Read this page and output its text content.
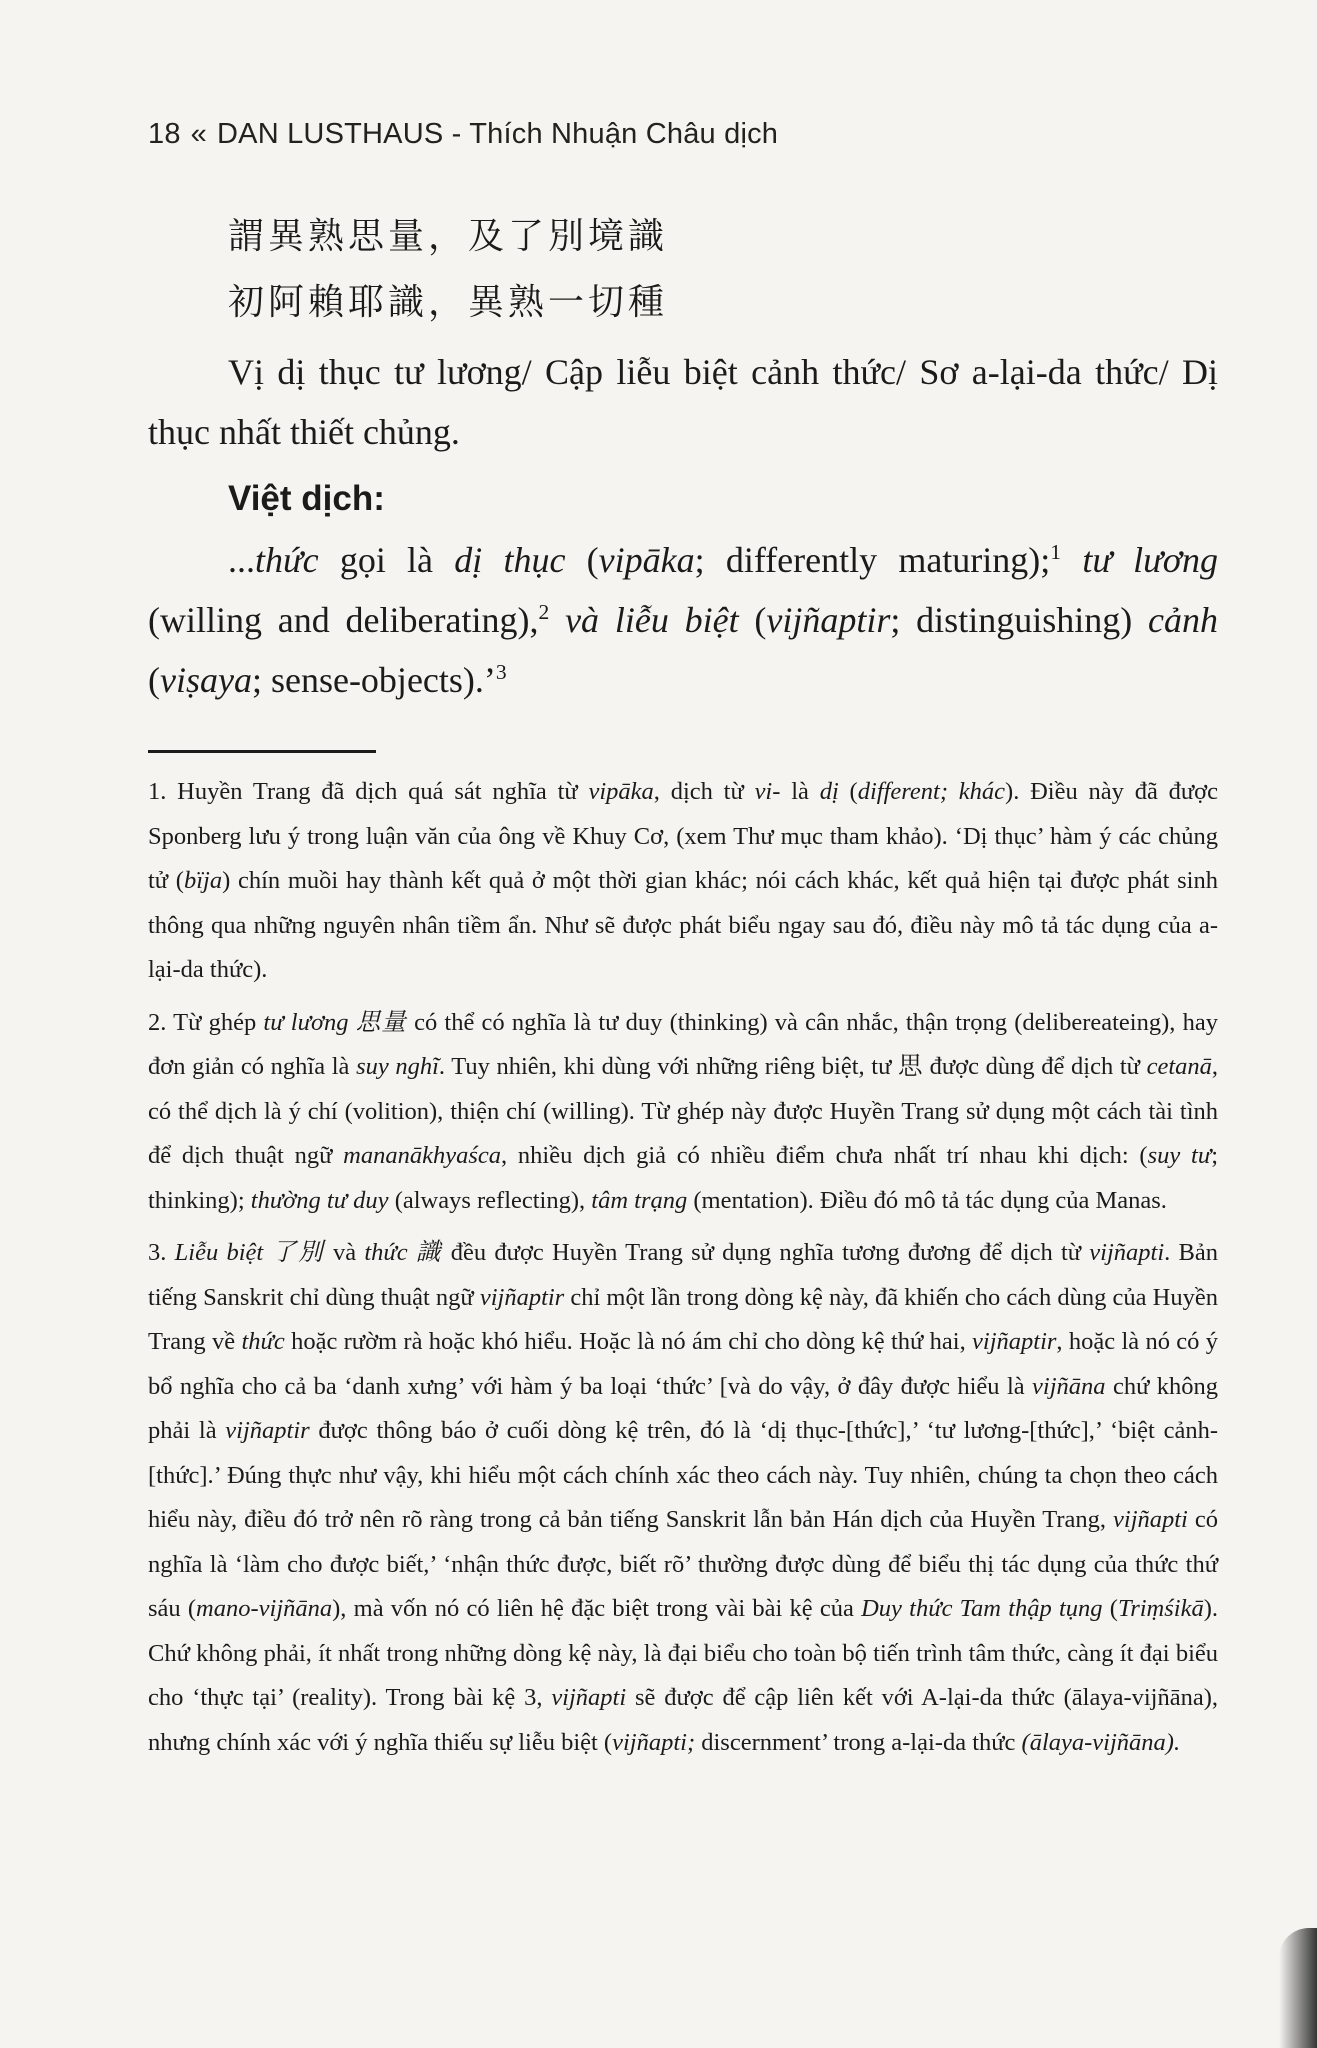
18 « DAN LUSTHAUS - Thích Nhuận Châu dịch

謂異熟思量，及了別境識

初阿賴耶識，異熟一切種

Vị dị thục tư lương/ Cập liễu biệt cảnh thức/ Sơ a-lại-da thức/ Dị thục nhất thiết chủng.

Việt dịch:

...thức gọi là dị thục (vipāka; differently maturing);$^1$ tư lương (willing and deliberating),$^2$ và liễu biệt (vijñaptir; distinguishing) cảnh (viṣaya; sense-objects).’$^3$

1. Huyền Trang đã dịch quá sát nghĩa từ vipāka, dịch từ vi- là dị (different; khác). Điều này đã được Sponberg lưu ý trong luận văn của ông về Khuy Cơ, (xem Thư mục tham khảo). ‘Dị thục’ hàm ý các chủng tử (bïja) chín muồi hay thành kết quả ở một thời gian khác; nói cách khác, kết quả hiện tại được phát sinh thông qua những nguyên nhân tiềm ẩn. Như sẽ được phát biểu ngay sau đó, điều này mô tả tác dụng của a-lại-da thức).

2. Từ ghép tư lương 思量 có thể có nghĩa là tư duy (thinking) và cân nhắc, thận trọng (delibereateing), hay đơn giản có nghĩa là suy nghĩ. Tuy nhiên, khi dùng với những riêng biệt, tư 思 được dùng để dịch từ cetanā, có thể dịch là ý chí (volition), thiện chí (willing). Từ ghép này được Huyền Trang sử dụng một cách tài tình để dịch thuật ngữ mananākhyaśca, nhiều dịch giả có nhiều điểm chưa nhất trí nhau khi dịch: (suy tư; thinking); thường tư duy (always reflecting), tâm trạng (mentation). Điều đó mô tả tác dụng của Manas.

3. Liễu biệt 了別 và thức 識 đều được Huyền Trang sử dụng nghĩa tương đương để dịch từ vijñapti. Bản tiếng Sanskrit chỉ dùng thuật ngữ vijñaptir chỉ một lần trong dòng kệ này, đã khiến cho cách dùng của Huyền Trang về thức hoặc rườm rà hoặc khó hiểu. Hoặc là nó ám chỉ cho dòng kệ thứ hai, vijñaptir, hoặc là nó có ý bổ nghĩa cho cả ba ‘danh xưng’ với hàm ý ba loại ‘thức’ [và do vậy, ở đây được hiểu là vijñāna chứ không phải là vijñaptir được thông báo ở cuối dòng kệ trên, đó là ‘dị thục-[thức],’ ‘tư lương-[thức],’ ‘biệt cảnh-[thức].’ Đúng thực như vậy, khi hiểu một cách chính xác theo cách này. Tuy nhiên, chúng ta chọn theo cách hiểu này, điều đó trở nên rõ ràng trong cả bản tiếng Sanskrit lẫn bản Hán dịch của Huyền Trang, vijñapti có nghĩa là ‘làm cho được biết,’ ‘nhận thức được, biết rõ’ thường được dùng để biểu thị tác dụng của thức thứ sáu (mano-vijñāna), mà vốn nó có liên hệ đặc biệt trong vài bài kệ của Duy thức Tam thập tụng (Triṃśikā). Chứ không phải, ít nhất trong những dòng kệ này, là đại biểu cho toàn bộ tiến trình tâm thức, càng ít đại biểu cho ‘thực tại’ (reality). Trong bài kệ 3, vijñapti sẽ được để cập liên kết với A-lại-da thức (ālaya-vijñāna), nhưng chính xác với ý nghĩa thiếu sự liễu biệt (vijñapti; discernment’ trong a-lại-da thức (ālaya-vijñāna).
